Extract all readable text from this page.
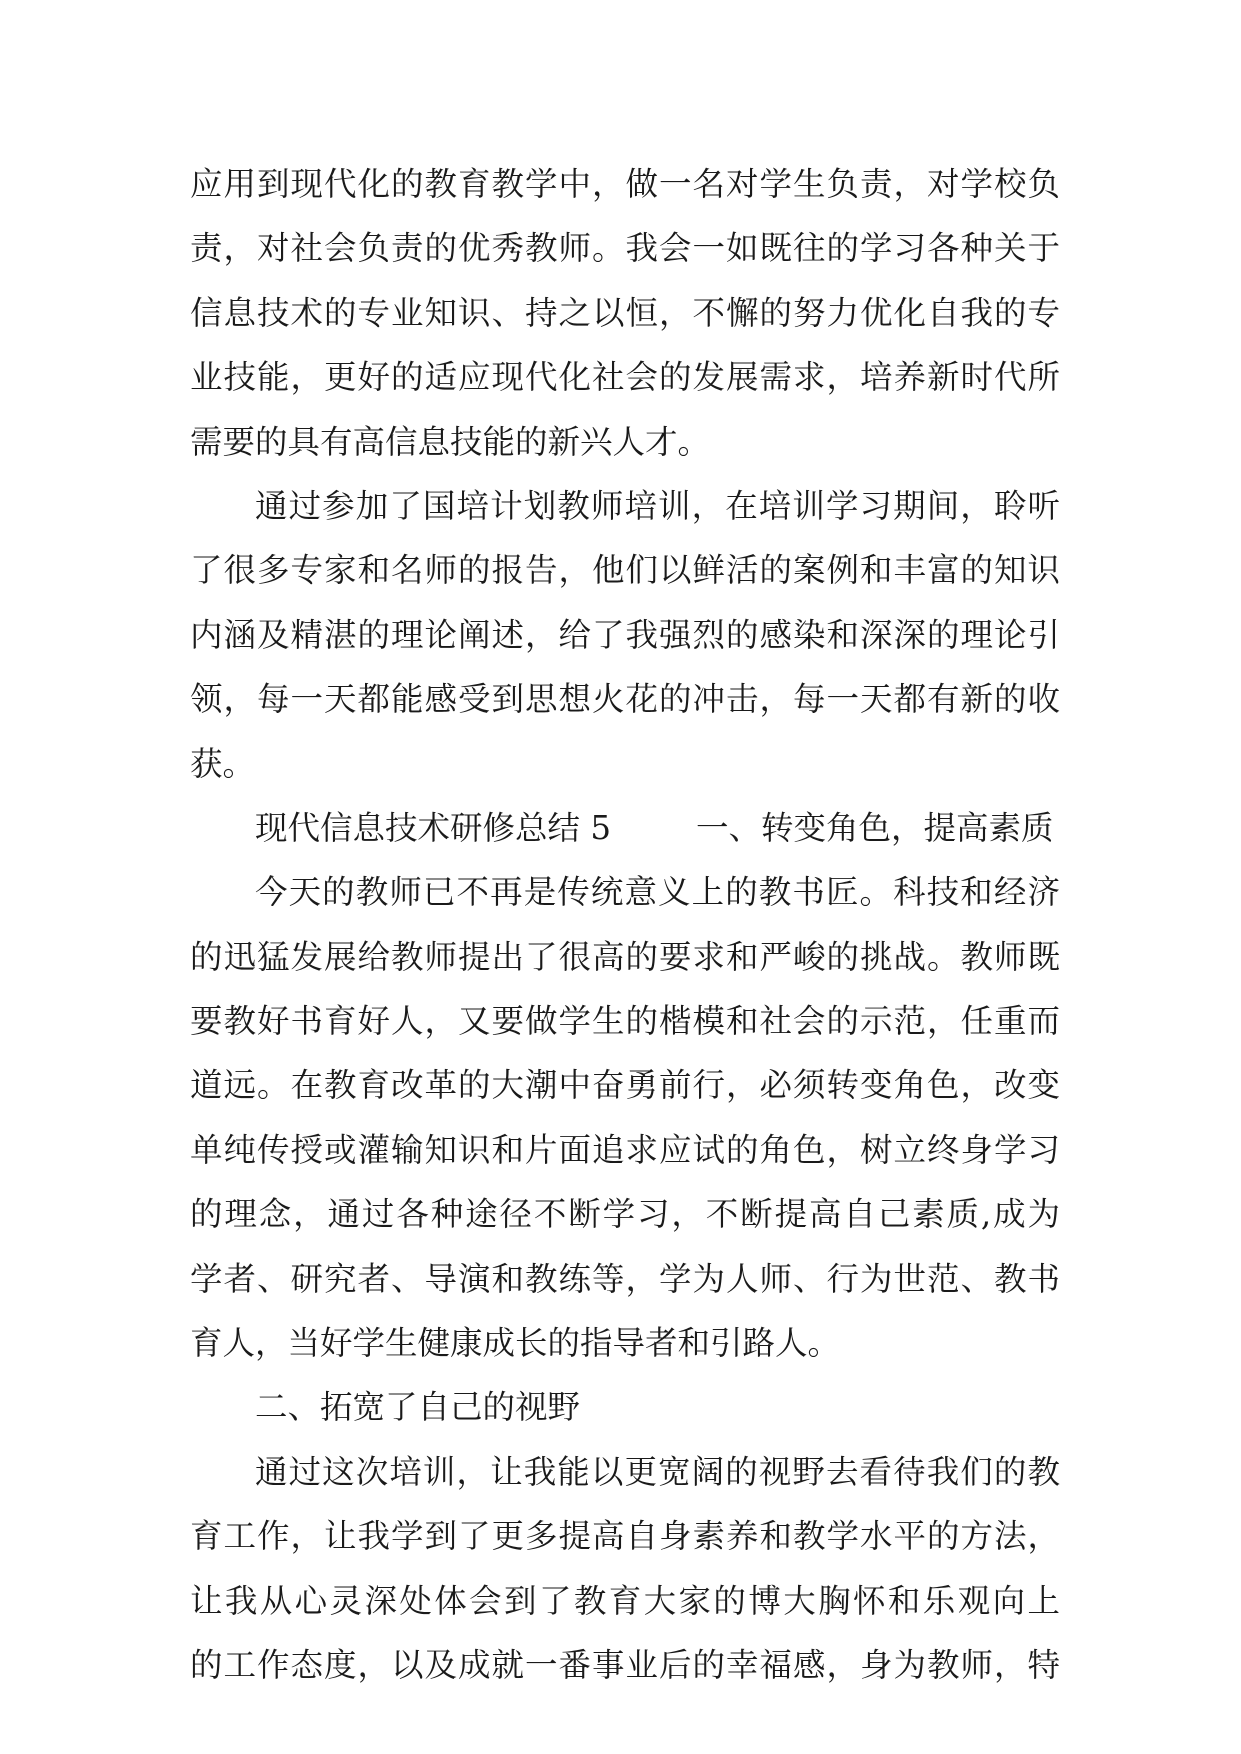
应用到现代化的教育教学中，做一名对学生负责，对学校负
责，对社会负责的优秀教师。我会一如既往的学习各种关于
信息技术的专业知识、持之以恒，不懈的努力优化自我的专
业技能，更好的适应现代化社会的发展需求，培养新时代所
需要的具有高信息技能的新兴人才。
通过参加了国培计划教师培训，在培训学习期间，聆听
了很多专家和名师的报告，他们以鲜活的案例和丰富的知识
内涵及精湛的理论阐述，给了我强烈的感染和深深的理论引
领，每一天都能感受到思想火花的冲击，每一天都有新的收
获。
现代信息技术研修总结 5	一、转变角色，提高素质
今天的教师已不再是传统意义上的教书匠。科技和经济
的迅猛发展给教师提出了很高的要求和严峻的挑战。教师既
要教好书育好人，又要做学生的楷模和社会的示范，任重而
道远。在教育改革的大潮中奋勇前行，必须转变角色，改变
单纯传授或灌输知识和片面追求应试的角色，树立终身学习
的理念，通过各种途径不断学习，不断提高自己素质,成为
学者、研究者、导演和教练等，学为人师、行为世范、教书
育人，当好学生健康成长的指导者和引路人。
二、拓宽了自己的视野
通过这次培训，让我能以更宽阔的视野去看待我们的教
育工作，让我学到了更多提高自身素养和教学水平的方法，
让我从心灵深处体会到了教育大家的博大胸怀和乐观向上
的工作态度，以及成就一番事业后的幸福感，身为教师，特
